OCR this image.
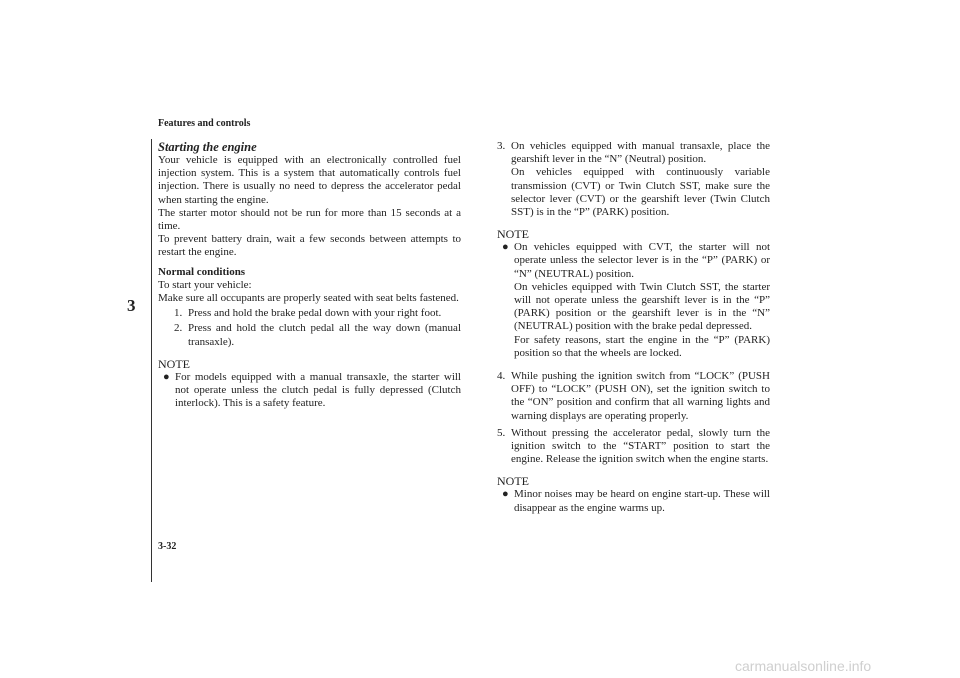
Features and controls
3
3-32
Starting the engine

Your vehicle is equipped with an electronically controlled fuel injection system. This is a system that automatically controls fuel injection. There is usually no need to depress the accelerator pedal when starting the engine.

The starter motor should not be run for more than 15 seconds at a time.

To prevent battery drain, wait a few seconds between attempts to restart the engine.

Normal conditions

To start your vehicle:

Make sure all occupants are properly seated with seat belts fastened.

1. Press and hold the brake pedal down with your right foot.
2. Press and hold the clutch pedal all the way down (manual transaxle).
NOTE
● For models equipped with a manual transaxle, the starter will not operate unless the clutch pedal is fully depressed (Clutch interlock). This is a safety feature.
3. On vehicles equipped with manual transaxle, place the gearshift lever in the “N” (Neutral) position.
On vehicles equipped with continuously variable transmission (CVT) or Twin Clutch SST, make sure the selector lever (CVT) or the gearshift lever (Twin Clutch SST) is in the “P” (PARK) position.
NOTE
● On vehicles equipped with CVT, the starter will not operate unless the selector lever is in the “P” (PARK) or “N” (NEUTRAL) position.
On vehicles equipped with Twin Clutch SST, the starter will not operate unless the gearshift lever is in the “P” (PARK) position or the gearshift lever is in the “N” (NEUTRAL) position with the brake pedal depressed.
For safety reasons, start the engine in the “P” (PARK) position so that the wheels are locked.
4. While pushing the ignition switch from “LOCK” (PUSH OFF) to “LOCK” (PUSH ON), set the ignition switch to the “ON” position and confirm that all warning lights and warning displays are operating properly.
5. Without pressing the accelerator pedal, slowly turn the ignition switch to the “START” position to start the engine. Release the ignition switch when the engine starts.
NOTE
● Minor noises may be heard on engine start-up. These will disappear as the engine warms up.
carmanualsonline.info
